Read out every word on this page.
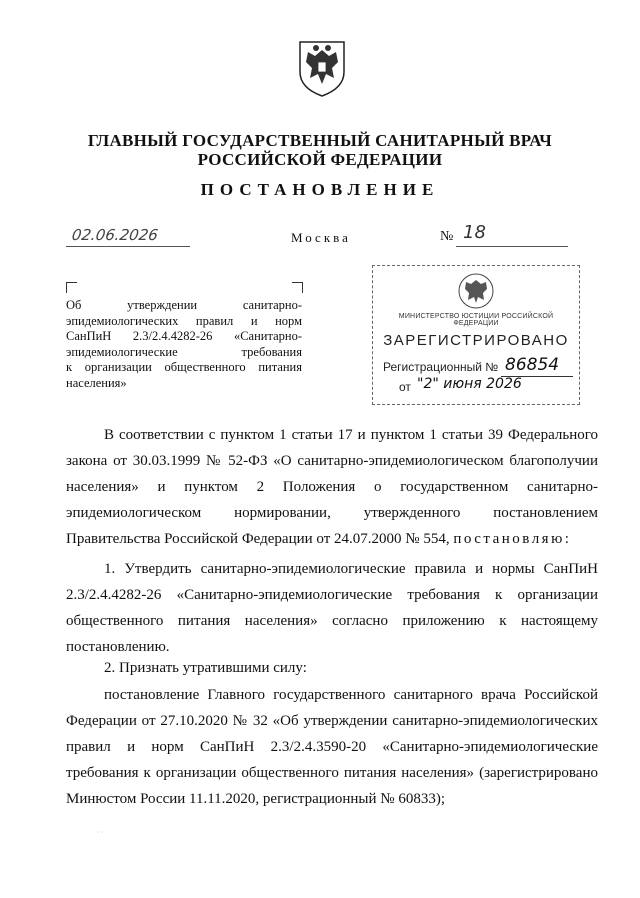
ГЛАВНЫЙ ГОСУДАРСТВЕННЫЙ САНИТАРНЫЙ ВРАЧ
РОССИЙСКОЙ ФЕДЕРАЦИИ
ПОСТАНОВЛЕНИЕ
02.06.2026	Москва	№ 18
Об утверждении санитарно-
эпидемиологических правил и норм
СанПиН 2.3/2.4.4282-26 «Санитарно-
эпидемиологические требования
к организации общественного питания
населения»
МИНИСТЕРСТВО ЮСТИЦИИ РОССИЙСКОЙ ФЕДЕРАЦИИ
ЗАРЕГИСТРИРОВАНО
Регистрационный № 86854
от "2" июня 2026
В соответствии с пунктом 1 статьи 17 и пунктом 1 статьи 39 Федерального закона от 30.03.1999 № 52-ФЗ «О санитарно-эпидемиологическом благополучии населения» и пунктом 2 Положения о государственном санитарно-эпидемиологическом нормировании, утвержденного постановлением Правительства Российской Федерации от 24.07.2000 № 554, постановляю:
1. Утвердить санитарно-эпидемиологические правила и нормы СанПиН 2.3/2.4.4282-26 «Санитарно-эпидемиологические требования к организации общественного питания населения» согласно приложению к настоящему постановлению.
2. Признать утратившими силу:
постановление Главного государственного санитарного врача Российской Федерации от 27.10.2020 № 32 «Об утверждении санитарно-эпидемиологических правил и норм СанПиН 2.3/2.4.3590-20 «Санитарно-эпидемиологические требования к организации общественного питания населения» (зарегистрировано Минюстом России 11.11.2020, регистрационный № 60833);
· ·
